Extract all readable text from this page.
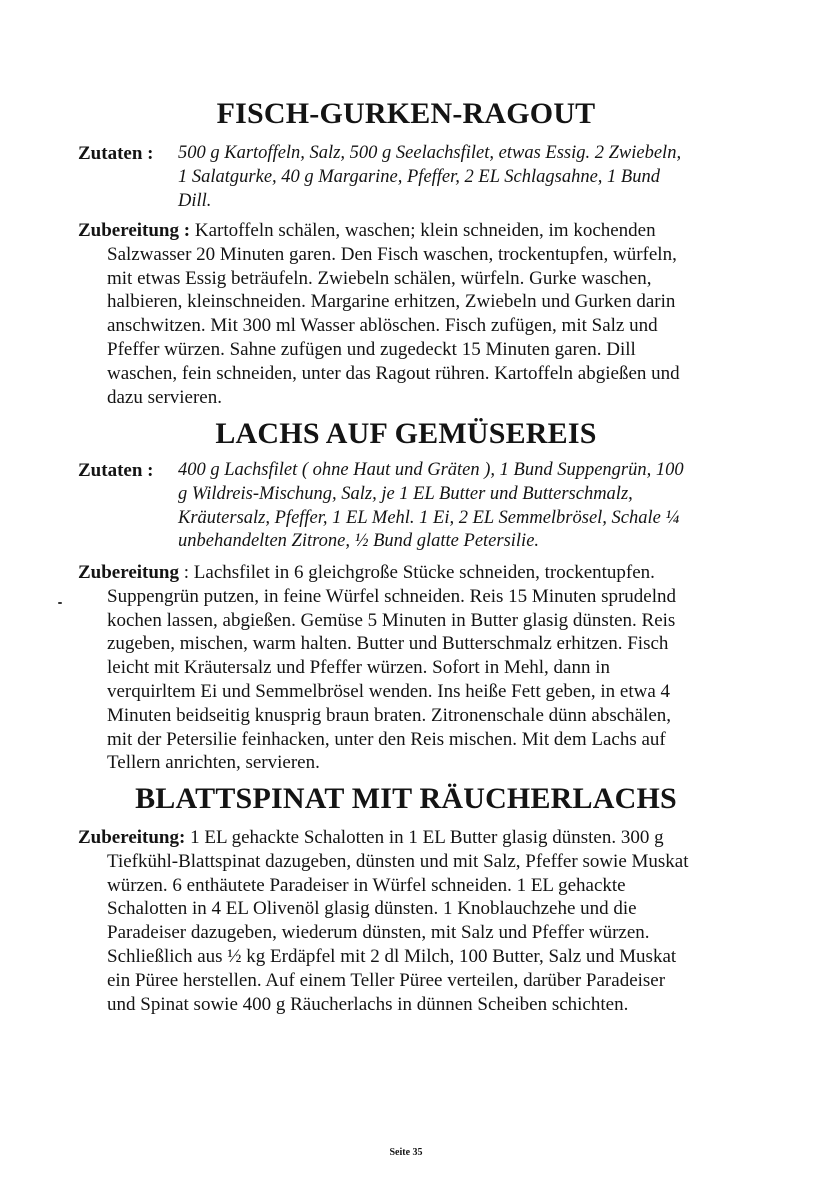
FISCH-GURKEN-RAGOUT
Zutaten : 500 g Kartoffeln, Salz, 500 g Seelachsfilet, etwas Essig. 2 Zwiebeln,
1 Salatgurke, 40 g Margarine, Pfeffer, 2 EL Schlagsahne, 1 Bund
Dill.
Zubereitung : Kartoffeln schälen, waschen; klein schneiden, im kochenden
Salzwasser 20 Minuten garen. Den Fisch waschen, trockentupfen, würfeln,
mit etwas Essig beträufeln. Zwiebeln schälen, würfeln. Gurke waschen,
halbieren, kleinschneiden. Margarine erhitzen, Zwiebeln und Gurken darin
anschwitzen. Mit 300 ml Wasser ablöschen. Fisch zufügen, mit Salz und
Pfeffer würzen. Sahne zufügen und zugedeckt 15 Minuten garen. Dill
waschen, fein schneiden, unter das Ragout rühren. Kartoffeln abgießen und
dazu servieren.
LACHS AUF GEMÜSEREIS
Zutaten : 400 g Lachsfilet ( ohne Haut und Gräten ), 1 Bund Suppengrün, 100
g Wildreis-Mischung, Salz, je 1 EL Butter und Butterschmalz,
Kräutersalz, Pfeffer, 1 EL Mehl. 1 Ei, 2 EL Semmelbrösel, Schale ¼
unbehandelten Zitrone, ½ Bund glatte Petersilie.
Zubereitung : Lachsfilet in 6 gleichgroße Stücke schneiden, trockentupfen.
Suppengrün putzen, in feine Würfel schneiden. Reis 15 Minuten sprudelnd
kochen lassen, abgießen. Gemüse 5 Minuten in Butter glasig dünsten. Reis
zugeben, mischen, warm halten. Butter und Butterschmalz erhitzen. Fisch
leicht mit Kräutersalz und Pfeffer würzen. Sofort in Mehl, dann in
verquirltem Ei und Semmelbrösel wenden. Ins heiße Fett geben, in etwa 4
Minuten beidseitig knusprig braun braten. Zitronenschale dünn abschälen,
mit der Petersilie feinhacken, unter den Reis mischen. Mit dem Lachs auf
Tellern anrichten, servieren.
BLATTSPINAT MIT RÄUCHERLACHS
Zubereitung: 1 EL gehackte Schalotten in 1 EL Butter glasig dünsten. 300 g
Tiefkühl-Blattspinat dazugeben, dünsten und mit Salz, Pfeffer sowie Muskat
würzen. 6 enthäutete Paradeiser in Würfel schneiden. 1 EL gehackte
Schalotten in 4 EL Olivenöl glasig dünsten. 1 Knoblauchzehe und die
Paradeiser dazugeben, wiederum dünsten, mit Salz und Pfeffer würzen.
Schließlich aus ½ kg Erdäpfel mit 2 dl Milch, 100 Butter, Salz und Muskat
ein Püree herstellen. Auf einem Teller Püree verteilen, darüber Paradeiser
und Spinat sowie 400 g Räucherlachs in dünnen Scheiben schichten.
Seite 35
